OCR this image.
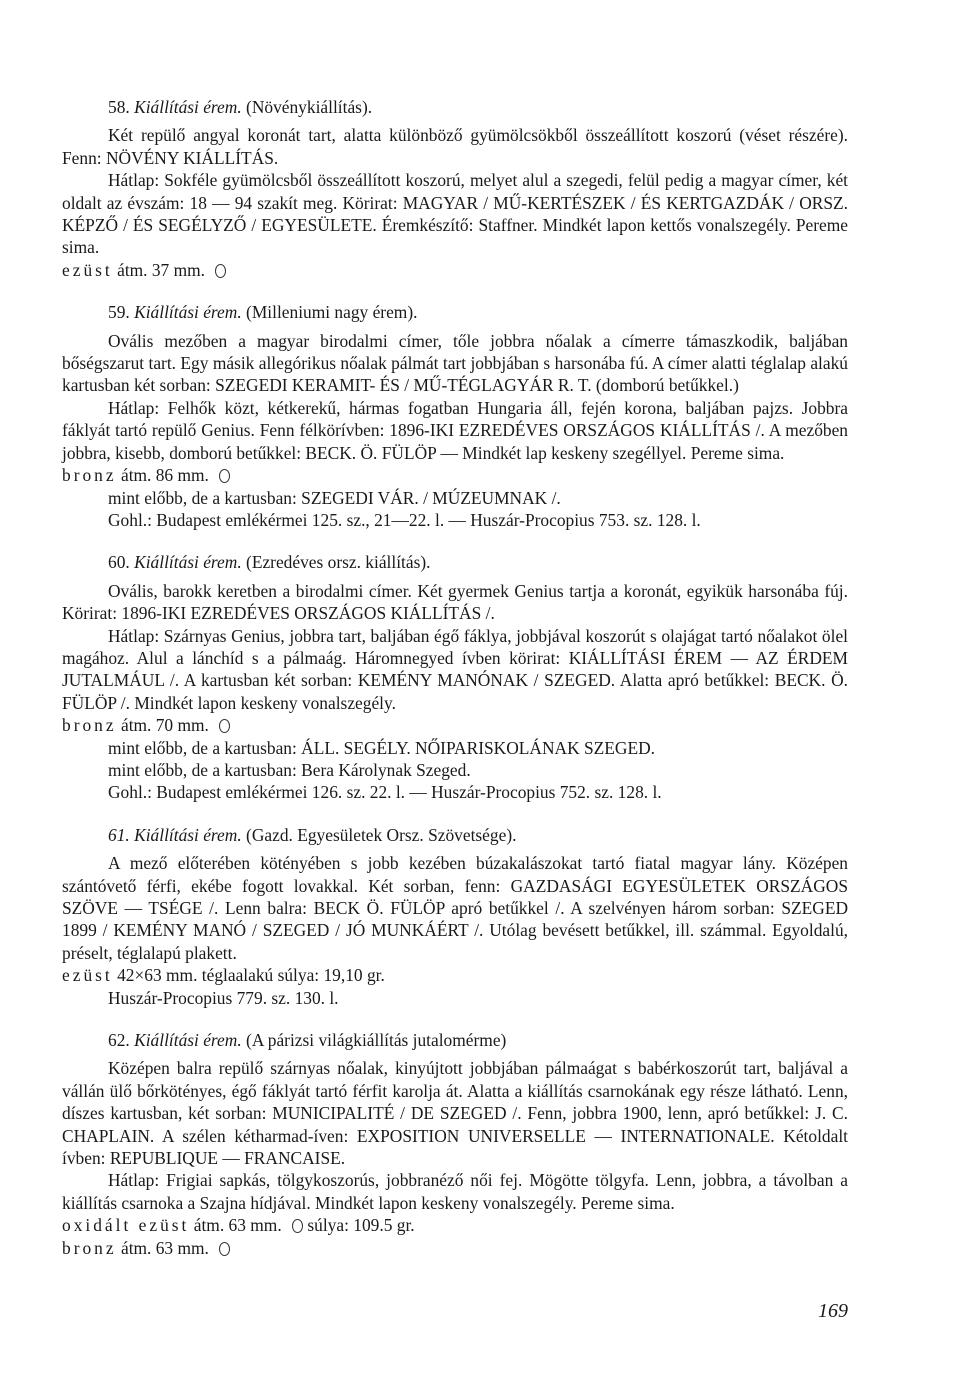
58. Kiállítási érem. (Növénykiállítás).

Két repülő angyal koronát tart, alatta különböző gyümölcsökből összeállított koszorú (véset részére). Fenn: NÖVÉNY KIÁLLÍTÁS.

Hátlap: Sokféle gyümölcsből összeállított koszorú, melyet alul a szegedi, felül pedig a magyar címer, két oldalt az évszám: 18 — 94 szakít meg. Körirat: MAGYAR / MŰ-KERTÉSZEK / ÉS KERTGAZDÁK / ORSZ. KÉPZŐ / ÉS SEGÉLYZŐ / EGYESÜLETE. Éremkészítő: Staffner. Mindkét lapon kettős vonalszegély. Pereme sima.

ezüst átm. 37 mm.

59. Kiállítási érem. (Milleniumi nagy érem).

Ovális mezőben a magyar birodalmi címer, tőle jobbra nőalak a címerre támaszkodik, baljában bőségszarut tart. Egy másik allegórikus nőalak pálmát tart jobbjában s harsonába fú. A címer alatti téglalap alakú kartusban két sorban: SZEGEDI KERAMIT- ÉS / MŰ-TÉGLAGYÁR R. T. (domború betűkkel.)

Hátlap: Felhők közt, kétkerekű, hármas fogatban Hungaria áll, fején korona, baljában pajzs. Jobbra fáklyát tartó repülő Genius. Fenn félkörívben: 1896-IKI EZREDÉVES ORSZÁGOS KIÁLLÍTÁS /. A mezőben jobbra, kisebb, domború betűkkel: BECK. Ö. FÜLÖP — Mindkét lap keskeny szegéllyel. Pereme sima.

bronz átm. 86 mm.

mint előbb, de a kartusban: SZEGEDI VÁR. / MÚZEUMNAK /.

Gohl.: Budapest emlékérmei 125. sz., 21—22. l. — Huszár-Procopius 753. sz. 128. l.

60. Kiállítási érem. (Ezredéves orsz. kiállítás).

Ovális, barokk keretben a birodalmi címer. Két gyermek Genius tartja a koronát, egyikük harsonába fúj. Körirat: 1896-IKI EZREDÉVES ORSZÁGOS KIÁLLÍTÁS /.

Hátlap: Szárnyas Genius, jobbra tart, baljában égő fáklya, jobbjával koszorút s olajágat tartó nőalakot ölel magához. Alul a lánchíd s a pálmaág. Háromnegyed ívben körirat: KIÁLLÍTÁSI ÉREM — AZ ÉRDEM JUTALMÁUL /. A kartusban két sorban: KEMÉNY MANÓNAK / SZEGED. Alatta apró betűkkel: BECK. Ö. FÜLÖP /. Mindkét lapon keskeny vonalszegély.

bronz átm. 70 mm.

mint előbb, de a kartusban: ÁLL. SEGÉLY. NŐIPARISKOLÁNAK SZEGED.

mint előbb, de a kartusban: Bera Károlynak Szeged.

Gohl.: Budapest emlékérmei 126. sz. 22. l. — Huszár-Procopius 752. sz. 128. l.

61. Kiállítási érem. (Gazd. Egyesületek Orsz. Szövetsége).

A mező előterében kötényében s jobb kezében búzakalászokat tartó fiatal magyar lány. Középen szántóvető férfi, ekébe fogott lovakkal. Két sorban, fenn: GAZDASÁGI EGYESÜLETEK ORSZÁGOS SZÖVE — TSÉGE /. Lenn balra: BECK Ö. FÜLÖP apró betűkkel /. A szelvényen három sorban: SZEGED 1899 / KEMÉNY MANÓ / SZEGED / JÓ MUNKÁÉRT /. Utólag bevésett betűkkel, ill. számmal. Egyoldalú, préselt, téglalapú plakett.

ezüst 42×63 mm. téglaalakú súlya: 19,10 gr.

Huszár-Procopius 779. sz. 130. l.

62. Kiállítási érem. (A párizsi világkiállítás jutalomérme)

Középen balra repülő szárnyas nőalak, kinyújtott jobbjában pálmaágat s babérkoszorút tart, baljával a vállán ülő bőrkötényes, égő fáklyát tartó férfit karolja át. Alatta a kiállítás csarnokának egy része látható. Lenn, díszes kartusban, két sorban: MUNICIPALITÉ / DE SZEGED /. Fenn, jobbra 1900, lenn, apró betűkkel: J. C. CHAPLAIN. A szélen kétharmad-íven: EXPOSITION UNIVERSELLE — INTERNATIONALE. Kétoldalt ívben: REPUBLIQUE — FRANCAISE.

Hátlap: Frigiai sapkás, tölgykoszorús, jobbranéző női fej. Mögötte tölgyfa. Lenn, jobbra, a távolban a kiállítás csarnoka a Szajna hídjával. Mindkét lapon keskeny vonalszegély. Pereme sima.

oxidált ezüst átm. 63 mm. súlya: 109.5 gr.

bronz átm. 63 mm.

169
